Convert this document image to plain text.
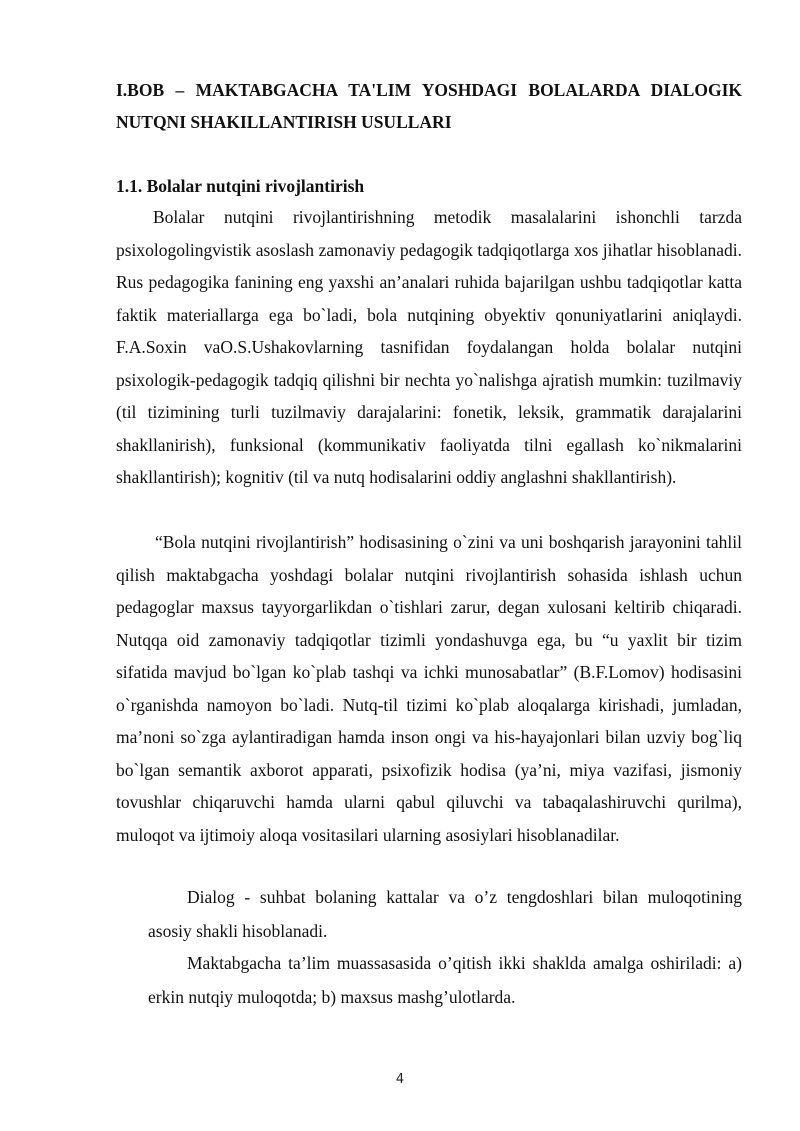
I.BOB – MAKTABGACHA TA'LIM YOSHDAGI BOLALARDA DIALOGIK NUTQNI SHAKILLANTIRISH USULLARI
1.1. Bolalar nutqini rivojlantirish

Bolalar nutqini rivojlantirishning metodik masalalarini ishonchli tarzda psixologolingvistik asoslash zamonaviy pedagogik tadqiqotlarga xos jihatlar hisoblanadi. Rus pedagogika fanining eng yaxshi an’analari ruhida bajarilgan ushbu tadqiqotlar katta faktik materiallarga ega bo`ladi, bola nutqining obyektiv qonuniyatlarini aniqlaydi. F.A.Soxin vaO.S.Ushakovlarning tasnifidan foydalangan holda bolalar nutqini psixologik-pedagogik tadqiq qilishni bir nechta yo`nalishga ajratish mumkin: tuzilmaviy (til tizimining turli tuzilmaviy darajalarini: fonetik, leksik, grammatik darajalarini shakllanirish), funksional (kommunikativ faoliyatda tilni egallash ko`nikmalarini shakllantirish); kognitiv (til va nutq hodisalarini oddiy anglashni shakllantirish).

“Bola nutqini rivojlantirish” hodisasining o`zini va uni boshqarish jarayonini tahlil qilish maktabgacha yoshdagi bolalar nutqini rivojlantirish sohasida ishlash uchun pedagoglar maxsus tayyorgarlikdan o`tishlari zarur, degan xulosani keltirib chiqaradi. Nutqqa oid zamonaviy tadqiqotlar tizimli yondashuvga ega, bu “u yaxlit bir tizim sifatida mavjud bo`lgan ko`plab tashqi va ichki munosabatlar” (B.F.Lomov) hodisasini o`rganishda namoyon bo`ladi. Nutq-til tizimi ko`plab aloqalarga kirishadi, jumladan, ma’noni so`zga aylantiradigan hamda inson ongi va his-hayajonlari bilan uzviy bog`liq bo`lgan semantik axborot apparati, psixofizik hodisa (ya’ni, miya vazifasi, jismoniy tovushlar chiqaruvchi hamda ularni qabul qiluvchi va tabaqalashiruvchi qurilma), muloqot va ijtimoiy aloqa vositasilari ularning asosiylari hisoblanadilar.

Dialog - suhbat bolaning kattalar va o’z tengdoshlari bilan muloqotining asosiy shakli hisoblanadi.

Maktabgacha ta’lim muassasasida o’qitish ikki shaklda amalga oshiriladi: a) erkin nutqiy muloqotda; b) maxsus mashg’ulotlarda.

4
